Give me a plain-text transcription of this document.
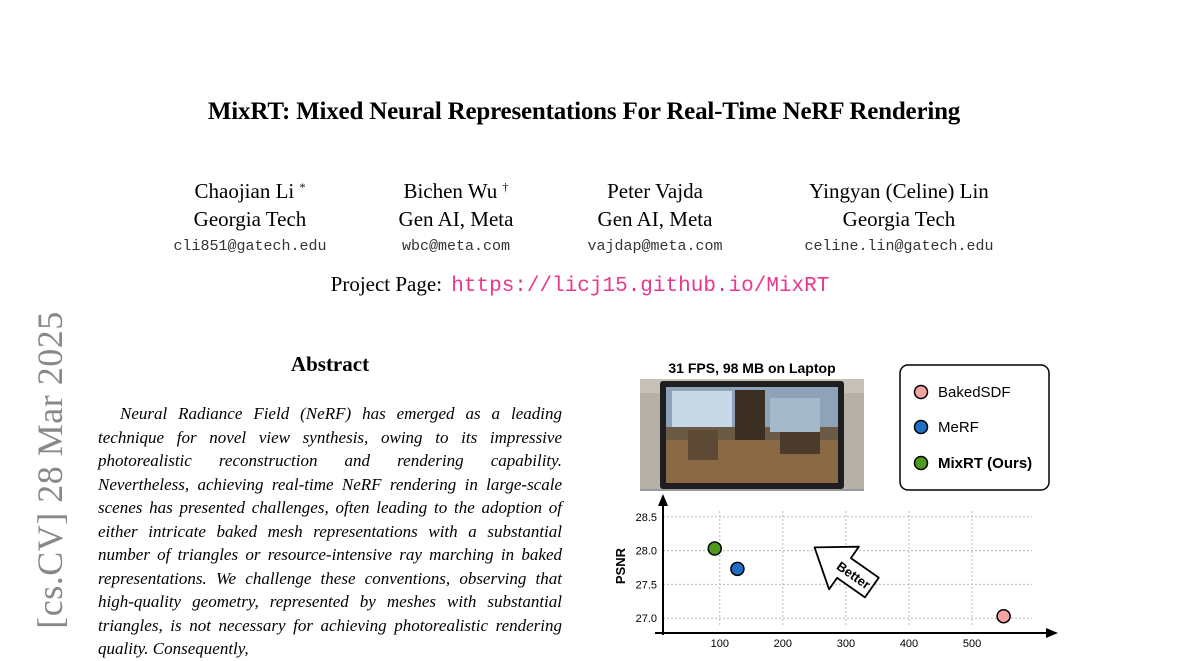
MixRT: Mixed Neural Representations For Real-Time NeRF Rendering
Chaojian Li *
Georgia Tech
cli851@gatech.edu
Bichen Wu †
Gen AI, Meta
wbc@meta.com
Peter Vajda
Gen AI, Meta
vajdap@meta.com
Yingyan (Celine) Lin
Georgia Tech
celine.lin@gatech.edu
Project Page: https://licj15.github.io/MixRT
[cs.CV] 28 Mar 2025	Abstract

Neural Radiance Field (NeRF) has emerged as a leading technique for novel view synthesis, owing to its impressive photorealistic reconstruction and rendering capability. Nevertheless, achieving real-time NeRF rendering in large-scale scenes has presented challenges, often leading to the adoption of either intricate baked mesh representations with a substantial number of triangles or resource-intensive ray marching in baked representations. We challenge these conventions, observing that high-quality geometry, represented by meshes with substantial triangles, is not necessary for achieving photorealistic rendering quality. Consequently,

31 FPS, 98 MB on Laptop
BakedSDF
MeRF
MixRT (Ours)
27.0
27.5
28.0
28.5
100	200	300	400	500
PSNR	Better
